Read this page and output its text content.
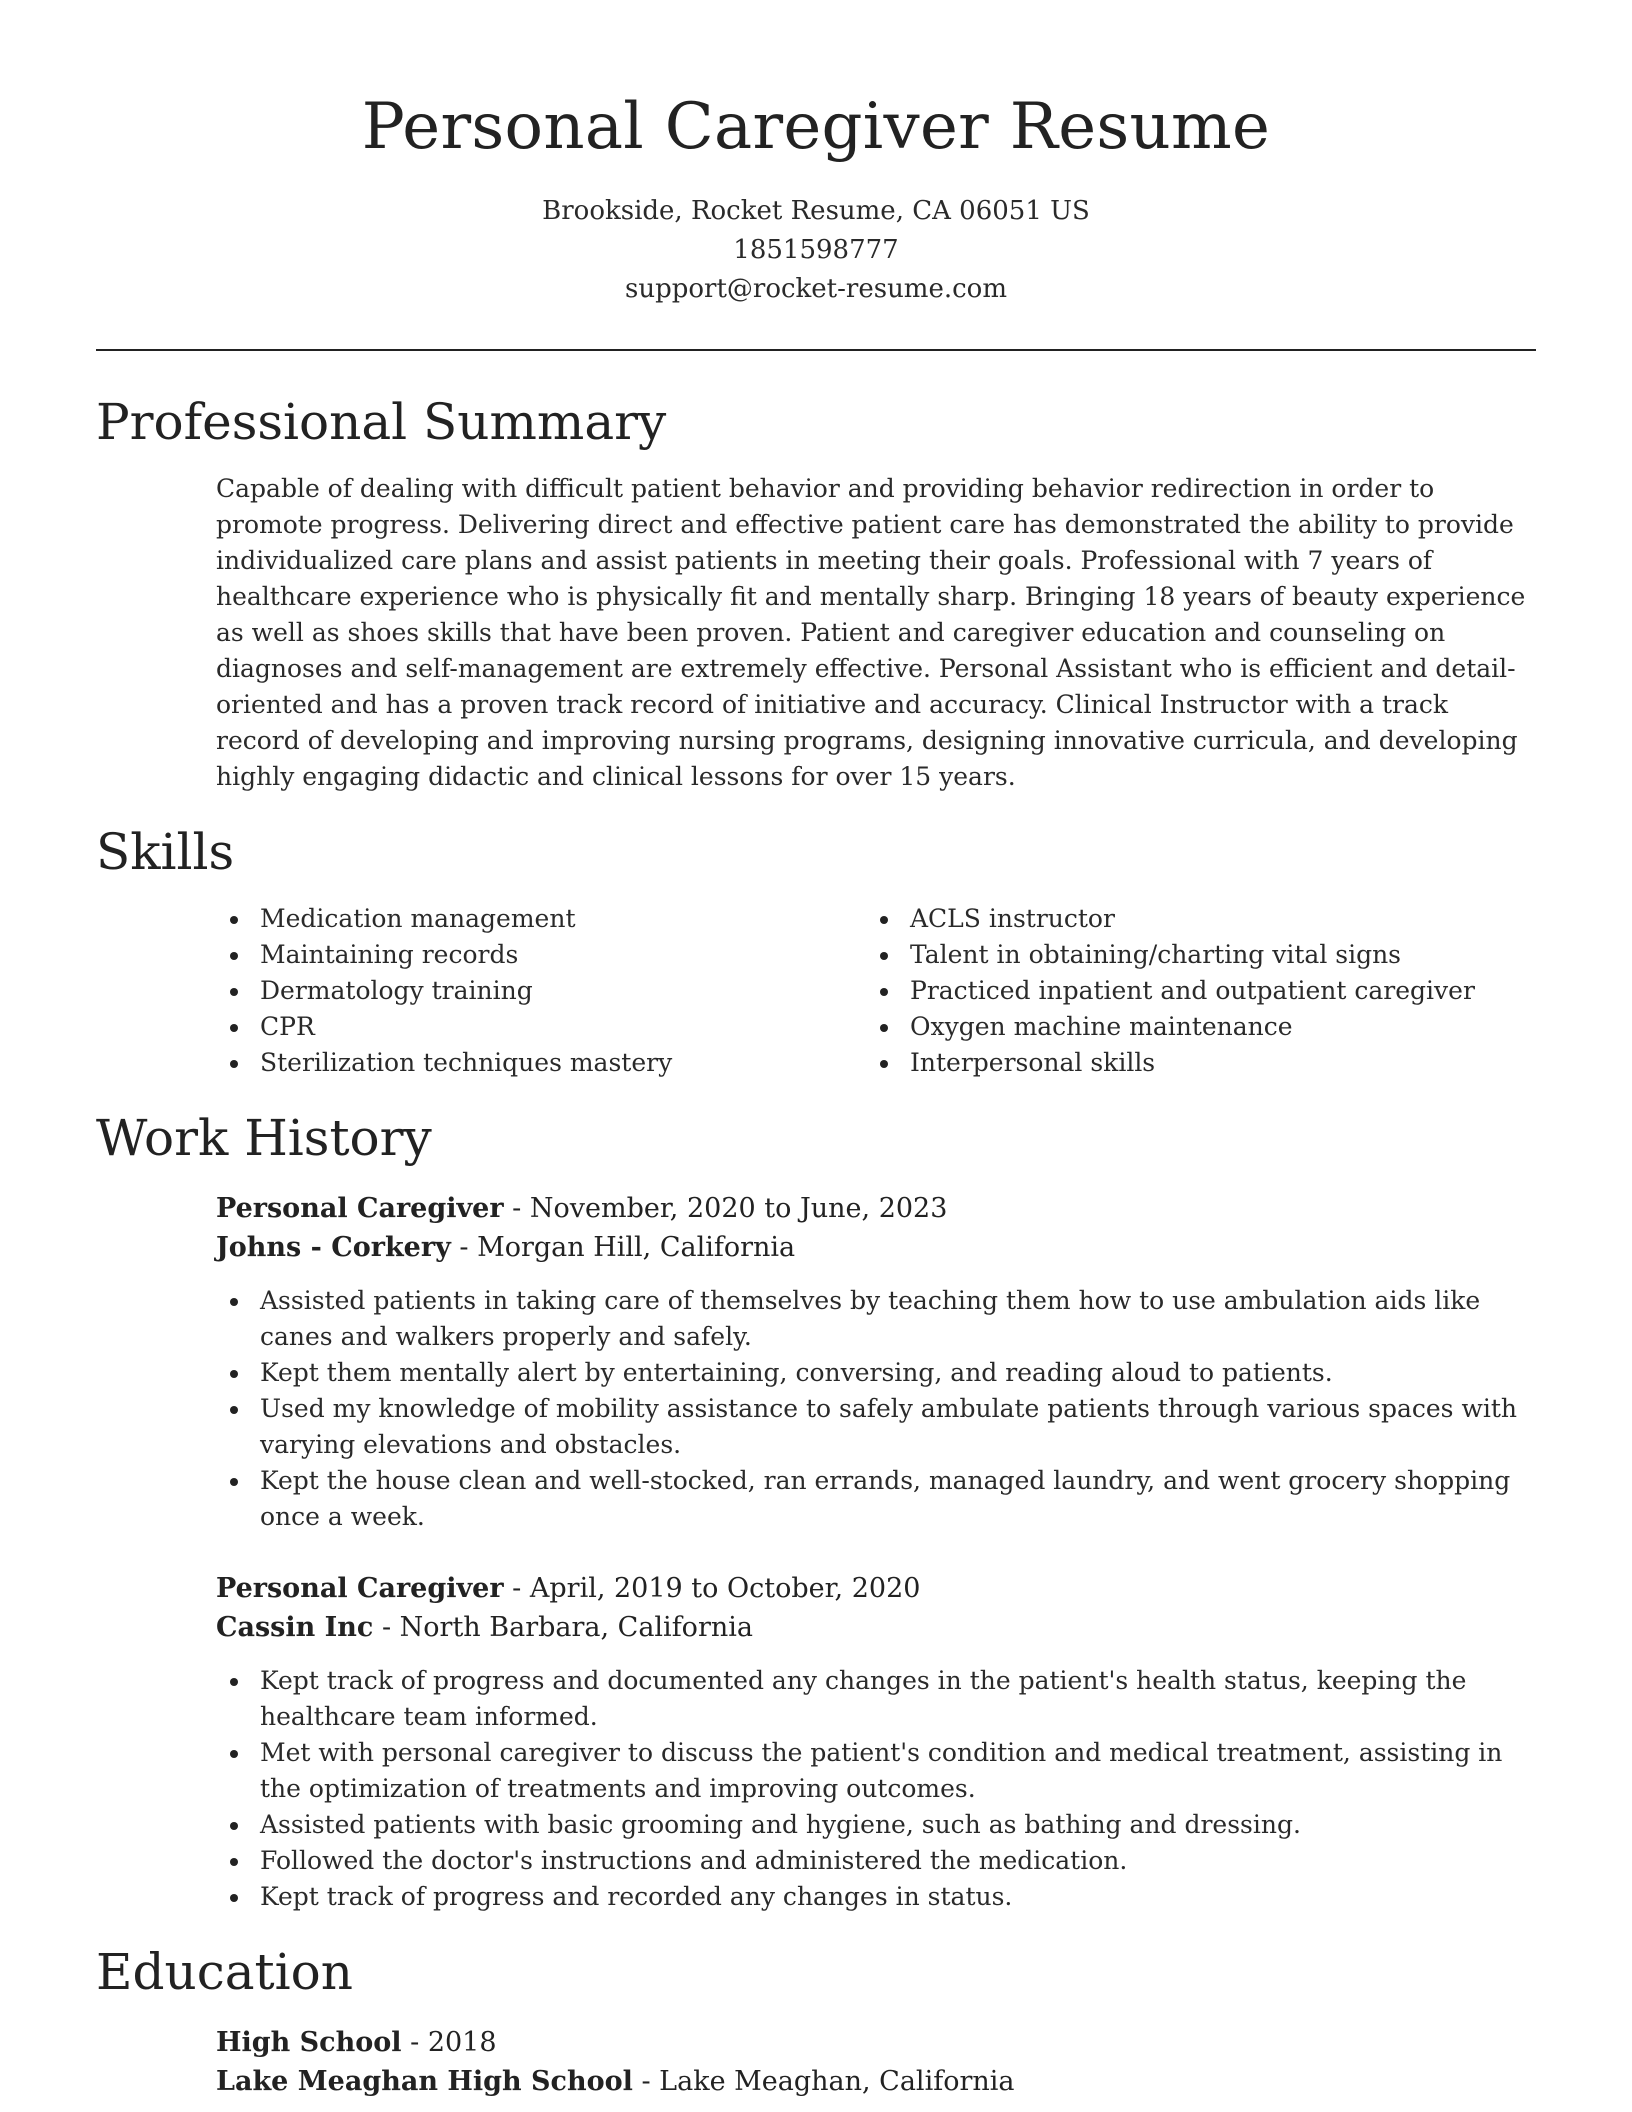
Personal Caregiver Resume
Brookside, Rocket Resume, CA 06051 US
1851598777
support@rocket-resume.com
Professional Summary

Capable of dealing with difficult patient behavior and providing behavior redirection in order to promote progress. Delivering direct and effective patient care has demonstrated the ability to provide individualized care plans and assist patients in meeting their goals. Professional with 7 years of healthcare experience who is physically fit and mentally sharp. Bringing 18 years of beauty experience as well as shoes skills that have been proven. Patient and caregiver education and counseling on diagnoses and self-management are extremely effective. Personal Assistant who is efficient and detail-oriented and has a proven track record of initiative and accuracy. Clinical Instructor with a track record of developing and improving nursing programs, designing innovative curricula, and developing highly engaging didactic and clinical lessons for over 15 years.

Skills
Medication management
Maintaining records
Dermatology training
CPR
Sterilization techniques mastery
ACLS instructor
Talent in obtaining/charting vital signs
Practiced inpatient and outpatient caregiver
Oxygen machine maintenance
Interpersonal skills
Work History
Personal Caregiver - November, 2020 to June, 2023
Johns - Corkery - Morgan Hill, California
Assisted patients in taking care of themselves by teaching them how to use ambulation aids like canes and walkers properly and safely.
Kept them mentally alert by entertaining, conversing, and reading aloud to patients.
Used my knowledge of mobility assistance to safely ambulate patients through various spaces with varying elevations and obstacles.
Kept the house clean and well-stocked, ran errands, managed laundry, and went grocery shopping once a week.
Personal Caregiver - April, 2019 to October, 2020
Cassin Inc - North Barbara, California
Kept track of progress and documented any changes in the patient's health status, keeping the healthcare team informed.
Met with personal caregiver to discuss the patient's condition and medical treatment, assisting in the optimization of treatments and improving outcomes.
Assisted patients with basic grooming and hygiene, such as bathing and dressing.
Followed the doctor's instructions and administered the medication.
Kept track of progress and recorded any changes in status.
Education
High School - 2018
Lake Meaghan High School - Lake Meaghan, California
